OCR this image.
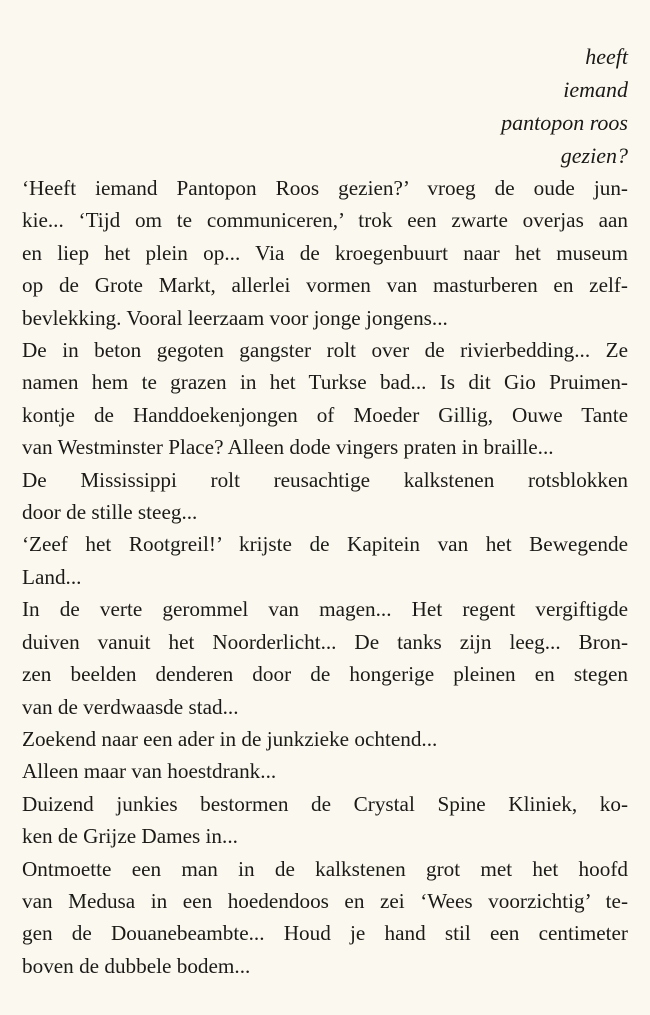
heeft
iemand
pantopon roos
gezien?

‘Heeft iemand Pantopon Roos gezien?’ vroeg de oude jun-
kie... ‘Tijd om te communiceren,’ trok een zwarte overjas aan
en liep het plein op... Via de kroegenbuurt naar het museum
op de Grote Markt, allerlei vormen van masturberen en zelf-
bevlekking. Vooral leerzaam voor jonge jongens...

De in beton gegoten gangster rolt over de rivierbedding... Ze
namen hem te grazen in het Turkse bad... Is dit Gio Pruimen-
kontje de Handdoekenjongen of Moeder Gillig, Ouwe Tante
van Westminster Place? Alleen dode vingers praten in braille...

De Mississippi rolt reusachtige kalkstenen rotsblokken
door de stille steeg...

‘Zeef het Rootgreil!’ krijste de Kapitein van het Bewegende
Land...

In de verte gerommel van magen... Het regent vergiftigde
duiven vanuit het Noorderlicht... De tanks zijn leeg... Bron-
zen beelden denderen door de hongerige pleinen en stegen
van de verdwaasde stad...

Zoekend naar een ader in de junkzieke ochtend...

Alleen maar van hoestdrank...

Duizend junkies bestormen de Crystal Spine Kliniek, ko-
ken de Grijze Dames in...

Ontmoette een man in de kalkstenen grot met het hoofd
van Medusa in een hoedendoos en zei ‘Wees voorzichtig’ te-
gen de Douanebeambte... Houd je hand stil een centimeter
boven de dubbele bodem...
